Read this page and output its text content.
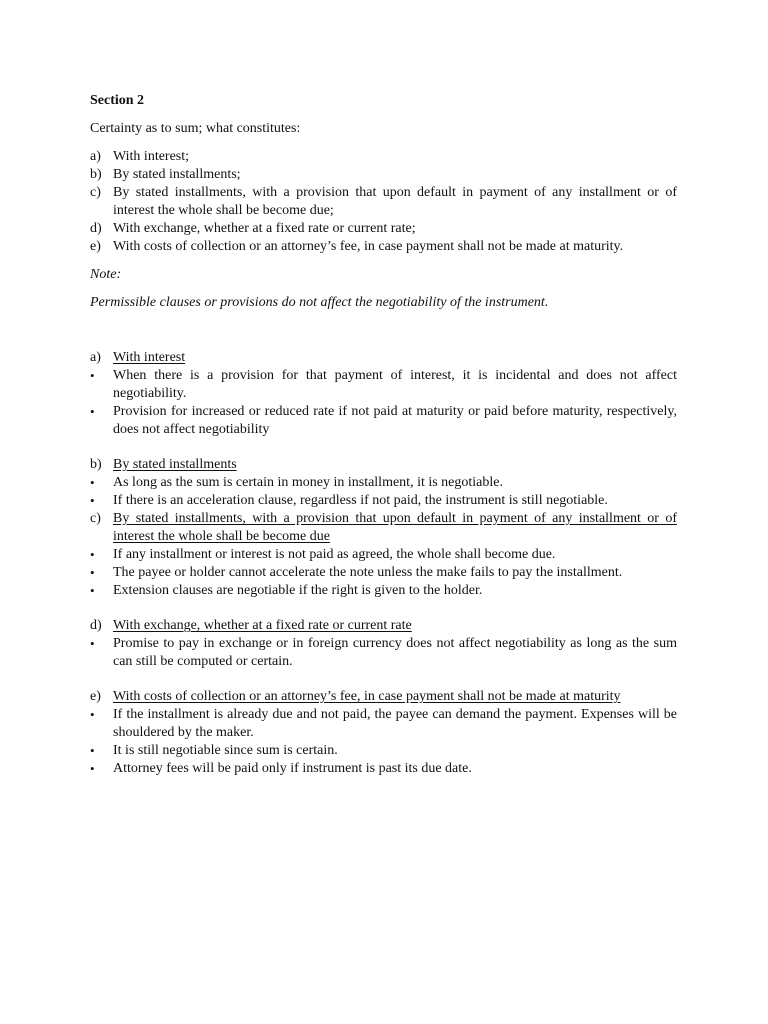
Section 2
Certainty as to sum; what constitutes:
a) With interest;
b) By stated installments;
c) By stated installments, with a provision that upon default in payment of any installment or of interest the whole shall be become due;
d) With exchange, whether at a fixed rate or current rate;
e) With costs of collection or an attorney’s fee, in case payment shall not be made at maturity.
Note:
Permissible clauses or provisions do not affect the negotiability of the instrument.
a) With interest
•	When there is a provision for that payment of interest, it is incidental and does not affect negotiability.
•	Provision for increased or reduced rate if not paid at maturity or paid before maturity, respectively, does not affect negotiability
b) By stated installments
•	As long as the sum is certain in money in installment, it is negotiable.
•	If there is an acceleration clause, regardless if not paid, the instrument is still negotiable.
c) By stated installments, with a provision that upon default in payment of any installment or of interest the whole shall be become due
•	If any installment or interest is not paid as agreed, the whole shall become due.
•	The payee or holder cannot accelerate the note unless the make fails to pay the installment.
•	Extension clauses are negotiable if the right is given to the holder.
d) With exchange, whether at a fixed rate or current rate
•	Promise to pay in exchange or in foreign currency does not affect negotiability as long as the sum can still be computed or certain.
e) With costs of collection or an attorney’s fee, in case payment shall not be made at maturity
•	If the installment is already due and not paid, the payee can demand the payment. Expenses will be shouldered by the maker.
•	It is still negotiable since sum is certain.
•	Attorney fees will be paid only if instrument is past its due date.
